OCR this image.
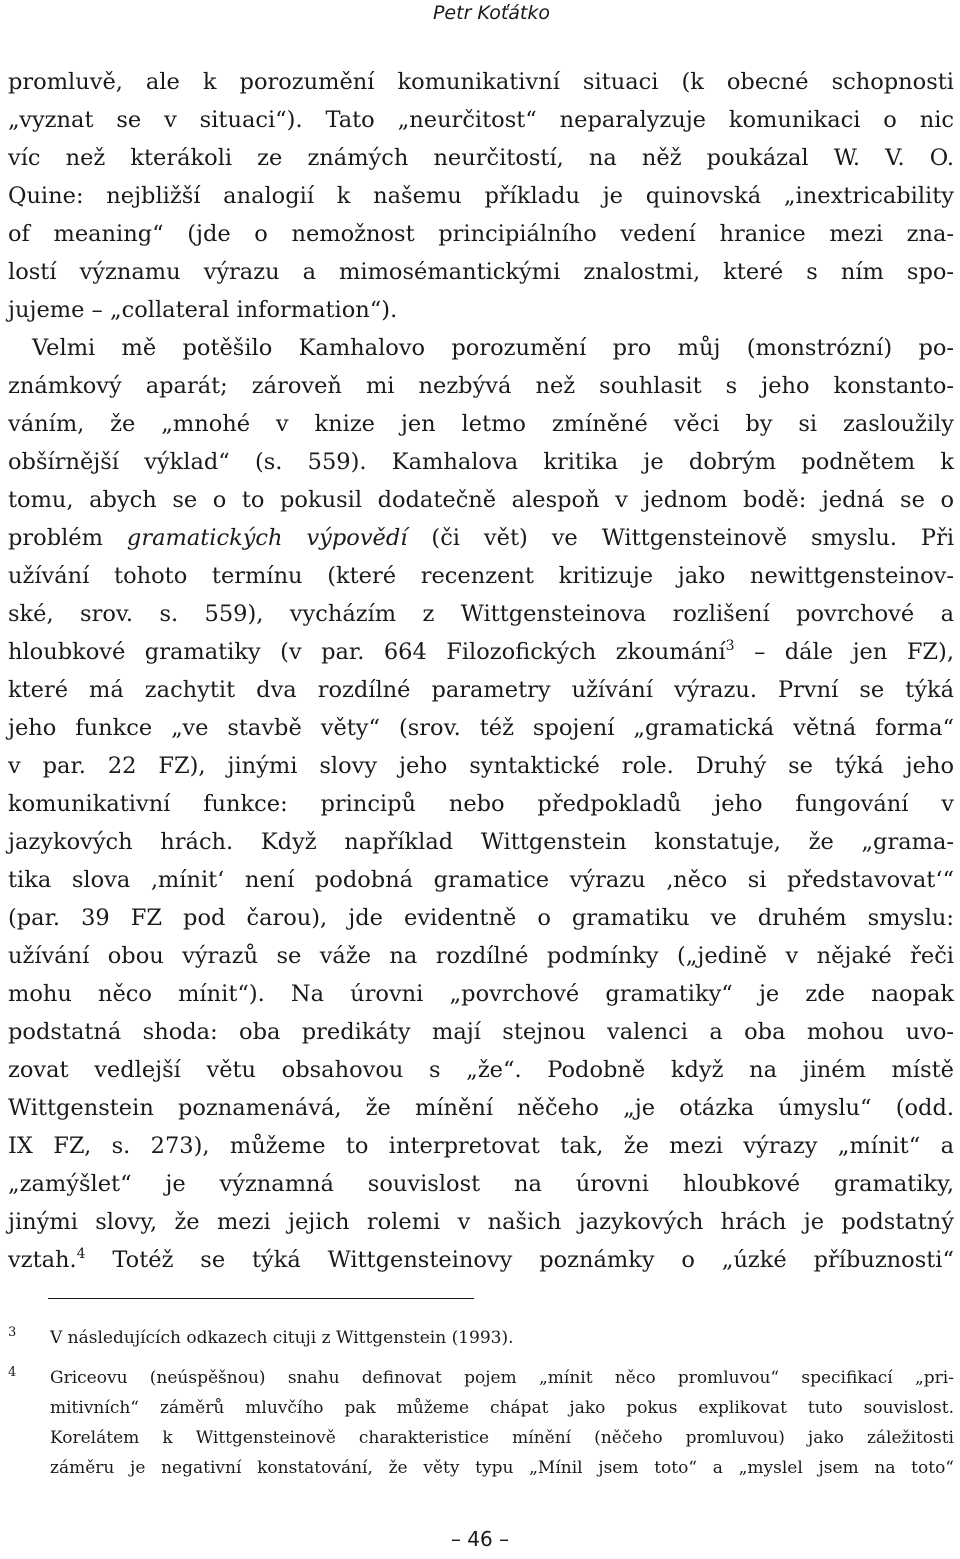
Petr Koťátko
promluvě, ale k porozumění komunikativní situaci (k obecné schopnosti
„vyznat se v situaci“). Tato „neurčitost“ neparalyzuje komunikaci o nic
víc než kterákoli ze známých neurčitostí, na něž poukázal W. V. O.
Quine: nejbližší analogií k našemu příkladu je quinovská „inextricability
of meaning“ (jde o nemožnost principiálního vedení hranice mezi zna-
lostí významu výrazu a mimosémantickými znalostmi, které s ním spo-
jujeme – „collateral information“).
Velmi mě potěšilo Kamhalovo porozumění pro můj (monstrózní) po-
známkový aparát; zároveň mi nezbývá než souhlasit s jeho konstanto-
váním, že „mnohé v knize jen letmo zmíněné věci by si zasloužily
obšírnější výklad“ (s. 559). Kamhalova kritika je dobrým podnětem k
tomu, abych se o to pokusil dodatečně alespoň v jednom bodě: jedná se o
problém gramatických výpovědí (či vět) ve Wittgensteinově smyslu. Při
užívání tohoto termínu (které recenzent kritizuje jako newittgensteinov-
ské, srov. s. 559), vycházím z Wittgensteinova rozlišení povrchové a
hloubkové gramatiky (v par. 664 Filozofických zkoumání$^3$ – dále jen FZ),
které má zachytit dva rozdílné parametry užívání výrazu. První se týká
jeho funkce „ve stavbě věty“ (srov. též spojení „gramatická větná forma“
v par. 22 FZ), jinými slovy jeho syntaktické role. Druhý se týká jeho
komunikativní funkce: principů nebo předpokladů jeho fungování v
jazykových hrách. Když například Wittgenstein konstatuje, že „grama-
tika slova ‚mínit‘ není podobná gramatice výrazu ‚něco si představovat‘“
(par. 39 FZ pod čarou), jde evidentně o gramatiku ve druhém smyslu:
užívání obou výrazů se váže na rozdílné podmínky („jedině v nějaké řeči
mohu něco mínit“). Na úrovni „povrchové gramatiky“ je zde naopak
podstatná shoda: oba predikáty mají stejnou valenci a oba mohou uvo-
zovat vedlejší větu obsahovou s „že“. Podobně když na jiném místě
Wittgenstein poznamenává, že mínění něčeho „je otázka úmyslu“ (odd.
IX FZ, s. 273), můžeme to interpretovat tak, že mezi výrazy „mínit“ a
„zamýšlet“ je významná souvislost na úrovni hloubkové gramatiky,
jinými slovy, že mezi jejich rolemi v našich jazykových hrách je podstatný
vztah.$^4$ Totéž se týká Wittgensteinovy poznámky o „úzké příbuznosti“
3 V následujících odkazech cituji z Wittgenstein (1993).
4 Griceovu (neúspěšnou) snahu definovat pojem „mínit něco promluvou“ specifikací „pri-
mitivních“ záměrů mluvčího pak můžeme chápat jako pokus explikovat tuto souvislost.
Korelátem k Wittgensteinově charakteristice mínění (něčeho promluvou) jako záležitosti
záměru je negativní konstatování, že věty typu „Mínil jsem toto“ a „myslel jsem na toto“
– 46 –
